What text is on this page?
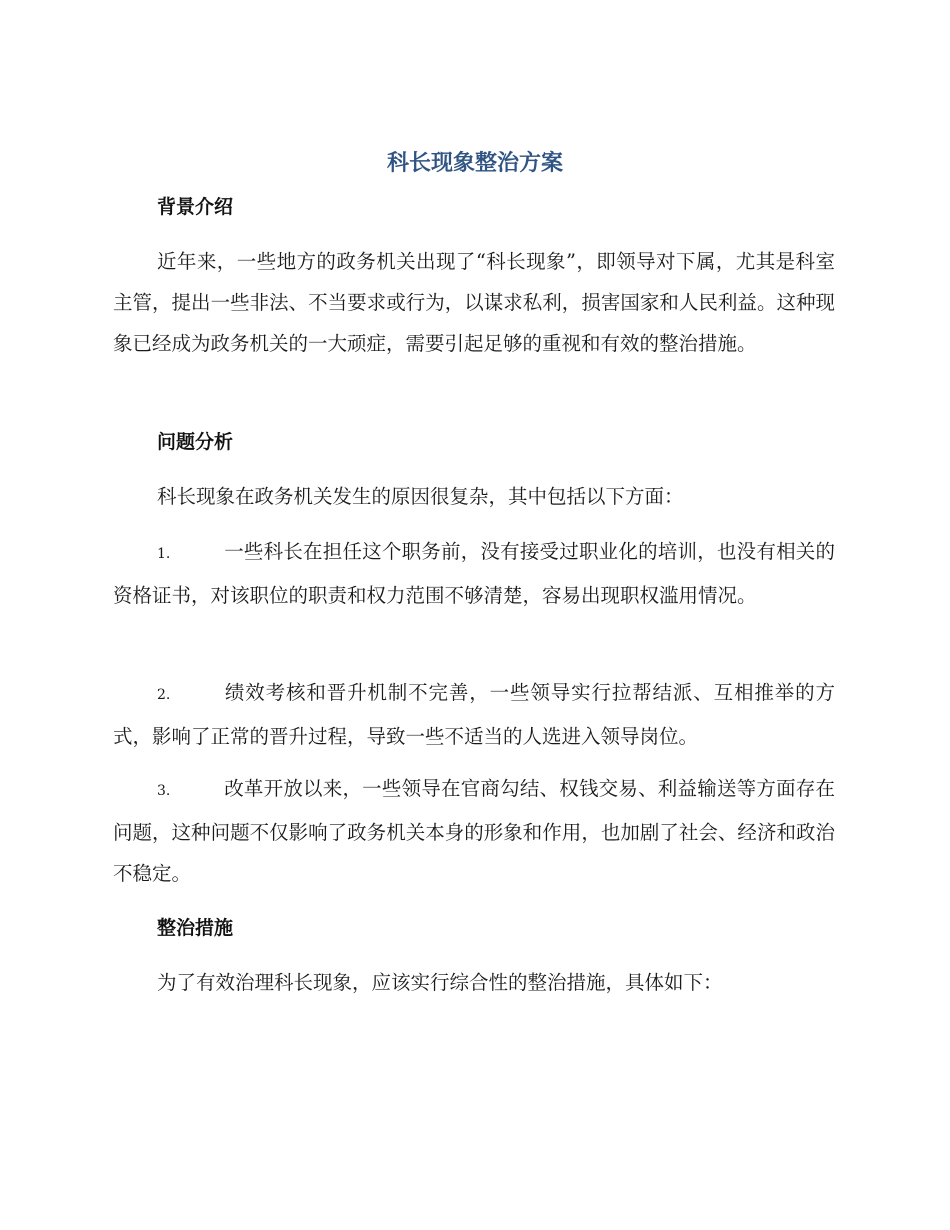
科长现象整治方案
背景介绍

近年来，一些地方的政务机关出现了“科长现象”，即领导对下属，尤其是科室主管，提出一些非法、不当要求或行为，以谋求私利，损害国家和人民利益。这种现象已经成为政务机关的一大顽症，需要引起足够的重视和有效的整治措施。

问题分析

科长现象在政务机关发生的原因很复杂，其中包括以下方面：

1.	一些科长在担任这个职务前，没有接受过职业化的培训，也没有相关的资格证书，对该职位的职责和权力范围不够清楚，容易出现职权滥用情况。

2.	绩效考核和晋升机制不完善，一些领导实行拉帮结派、互相推举的方式，影响了正常的晋升过程，导致一些不适当的人选进入领导岗位。

3.	改革开放以来，一些领导在官商勾结、权钱交易、利益输送等方面存在问题，这种问题不仅影响了政务机关本身的形象和作用，也加剧了社会、经济和政治不稳定。

整治措施

为了有效治理科长现象，应该实行综合性的整治措施，具体如下：
